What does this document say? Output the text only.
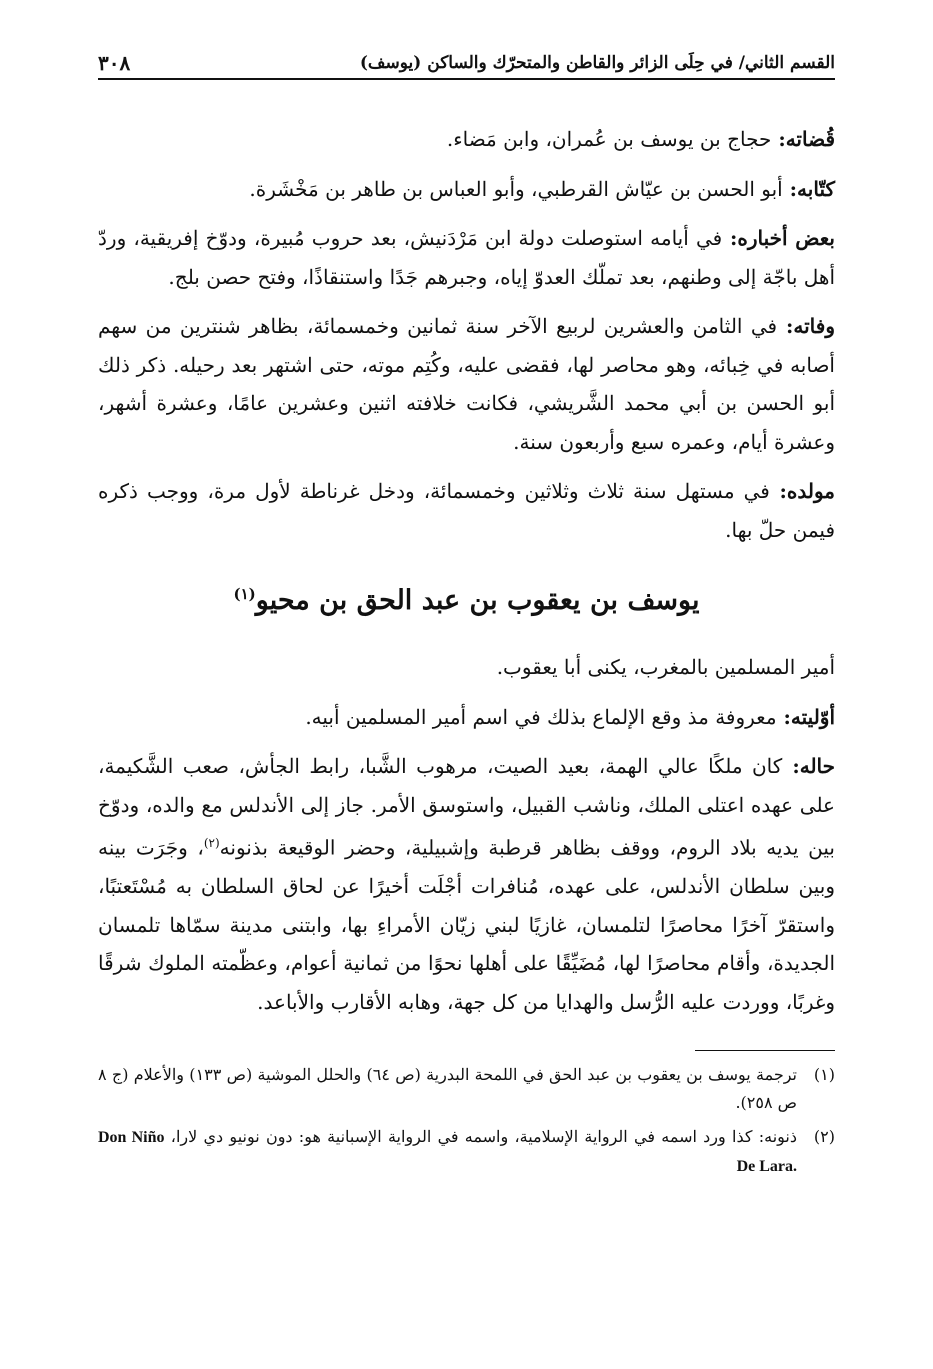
القسم الثاني/ في حِلَى الزائر والقاطن والمتحرّك والساكن (يوسف)
٣٠٨

قُضاته:حجاج بن يوسف بن عُمران، وابن مَضاء.

كتّابه:أبو الحسن بن عيّاش القرطبي، وأبو العباس بن طاهر بن مَخْشَرة.

بعض أخباره:في أيامه استوصلت دولة ابن مَرْدَنيش، بعد حروب مُبيرة، ودوّخ إفريقية، وردّ أهل باجّة إلى وطنهم، بعد تملّك العدوّ إياه، وجبرهم جَدًا واستنقاذًا، وفتح حصن بلج.

وفاته:في الثامن والعشرين لربيع الآخر سنة ثمانين وخمسمائة، بظاهر شنترين من سهم أصابه في خِبائه، وهو محاصر لها، فقضى عليه، وكُتِم موته، حتى اشتهر بعد رحيله. ذكر ذلك أبو الحسن بن أبي محمد الشَّريشي، فكانت خلافته اثنين وعشرين عامًا، وعشرة أشهر، وعشرة أيام، وعمره سبع وأربعون سنة.

مولده:في مستهل سنة ثلاث وثلاثين وخمسمائة، ودخل غرناطة لأول مرة، ووجب ذكره فيمن حلّ بها.

يوسف بن يعقوب بن عبد الحق بن محيو$^{(١)}$

أمير المسلمين بالمغرب، يكنى أبا يعقوب.

أوّليته:معروفة مذ وقع الإلماع بذلك في اسم أمير المسلمين أبيه.

حاله:كان ملكًا عالي الهمة، بعيد الصيت، مرهوب الشَّبا، رابط الجأش، صعب الشَّكيمة، على عهده اعتلى الملك، وناشب القبيل، واستوسق الأمر. جاز إلى الأندلس مع والده، ودوّخ بين يديه بلاد الروم، ووقف بظاهر قرطبة وإشبيلية، وحضر الوقيعة بذنونه$^{(٢)}$، وجَرَت بينه وبين سلطان الأندلس، على عهده، مُنافرات أجْلَت أخيرًا عن لحاق السلطان به مُسْتَعتبًا، واستقرّ آخرًا محاصرًا لتلمسان، غازيًا لبني زيّان الأمراءِ بها، وابتنى مدينة سمّاها تلمسان الجديدة، وأقام محاصرًا لها، مُضَيِّقًا على أهلها نحوًا من ثمانية أعوام، وعظّمته الملوك شرقًا وغربًا، ووردت عليه الرُّسل والهدايا من كل جهة، وهابه الأقارب والأباعد.

(١)
ترجمة يوسف بن يعقوب بن عبد الحق في اللمحة البدرية (ص ٦٤) والحلل الموشية (ص ١٣٣) والأعلام (ج ٨ ص ٢٥٨).
(٢)
ذنونه: كذا ورد اسمه في الرواية الإسلامية، واسمه في الرواية الإسبانية هو: دون نونيو دي لارا، Don Niño De Lara.
